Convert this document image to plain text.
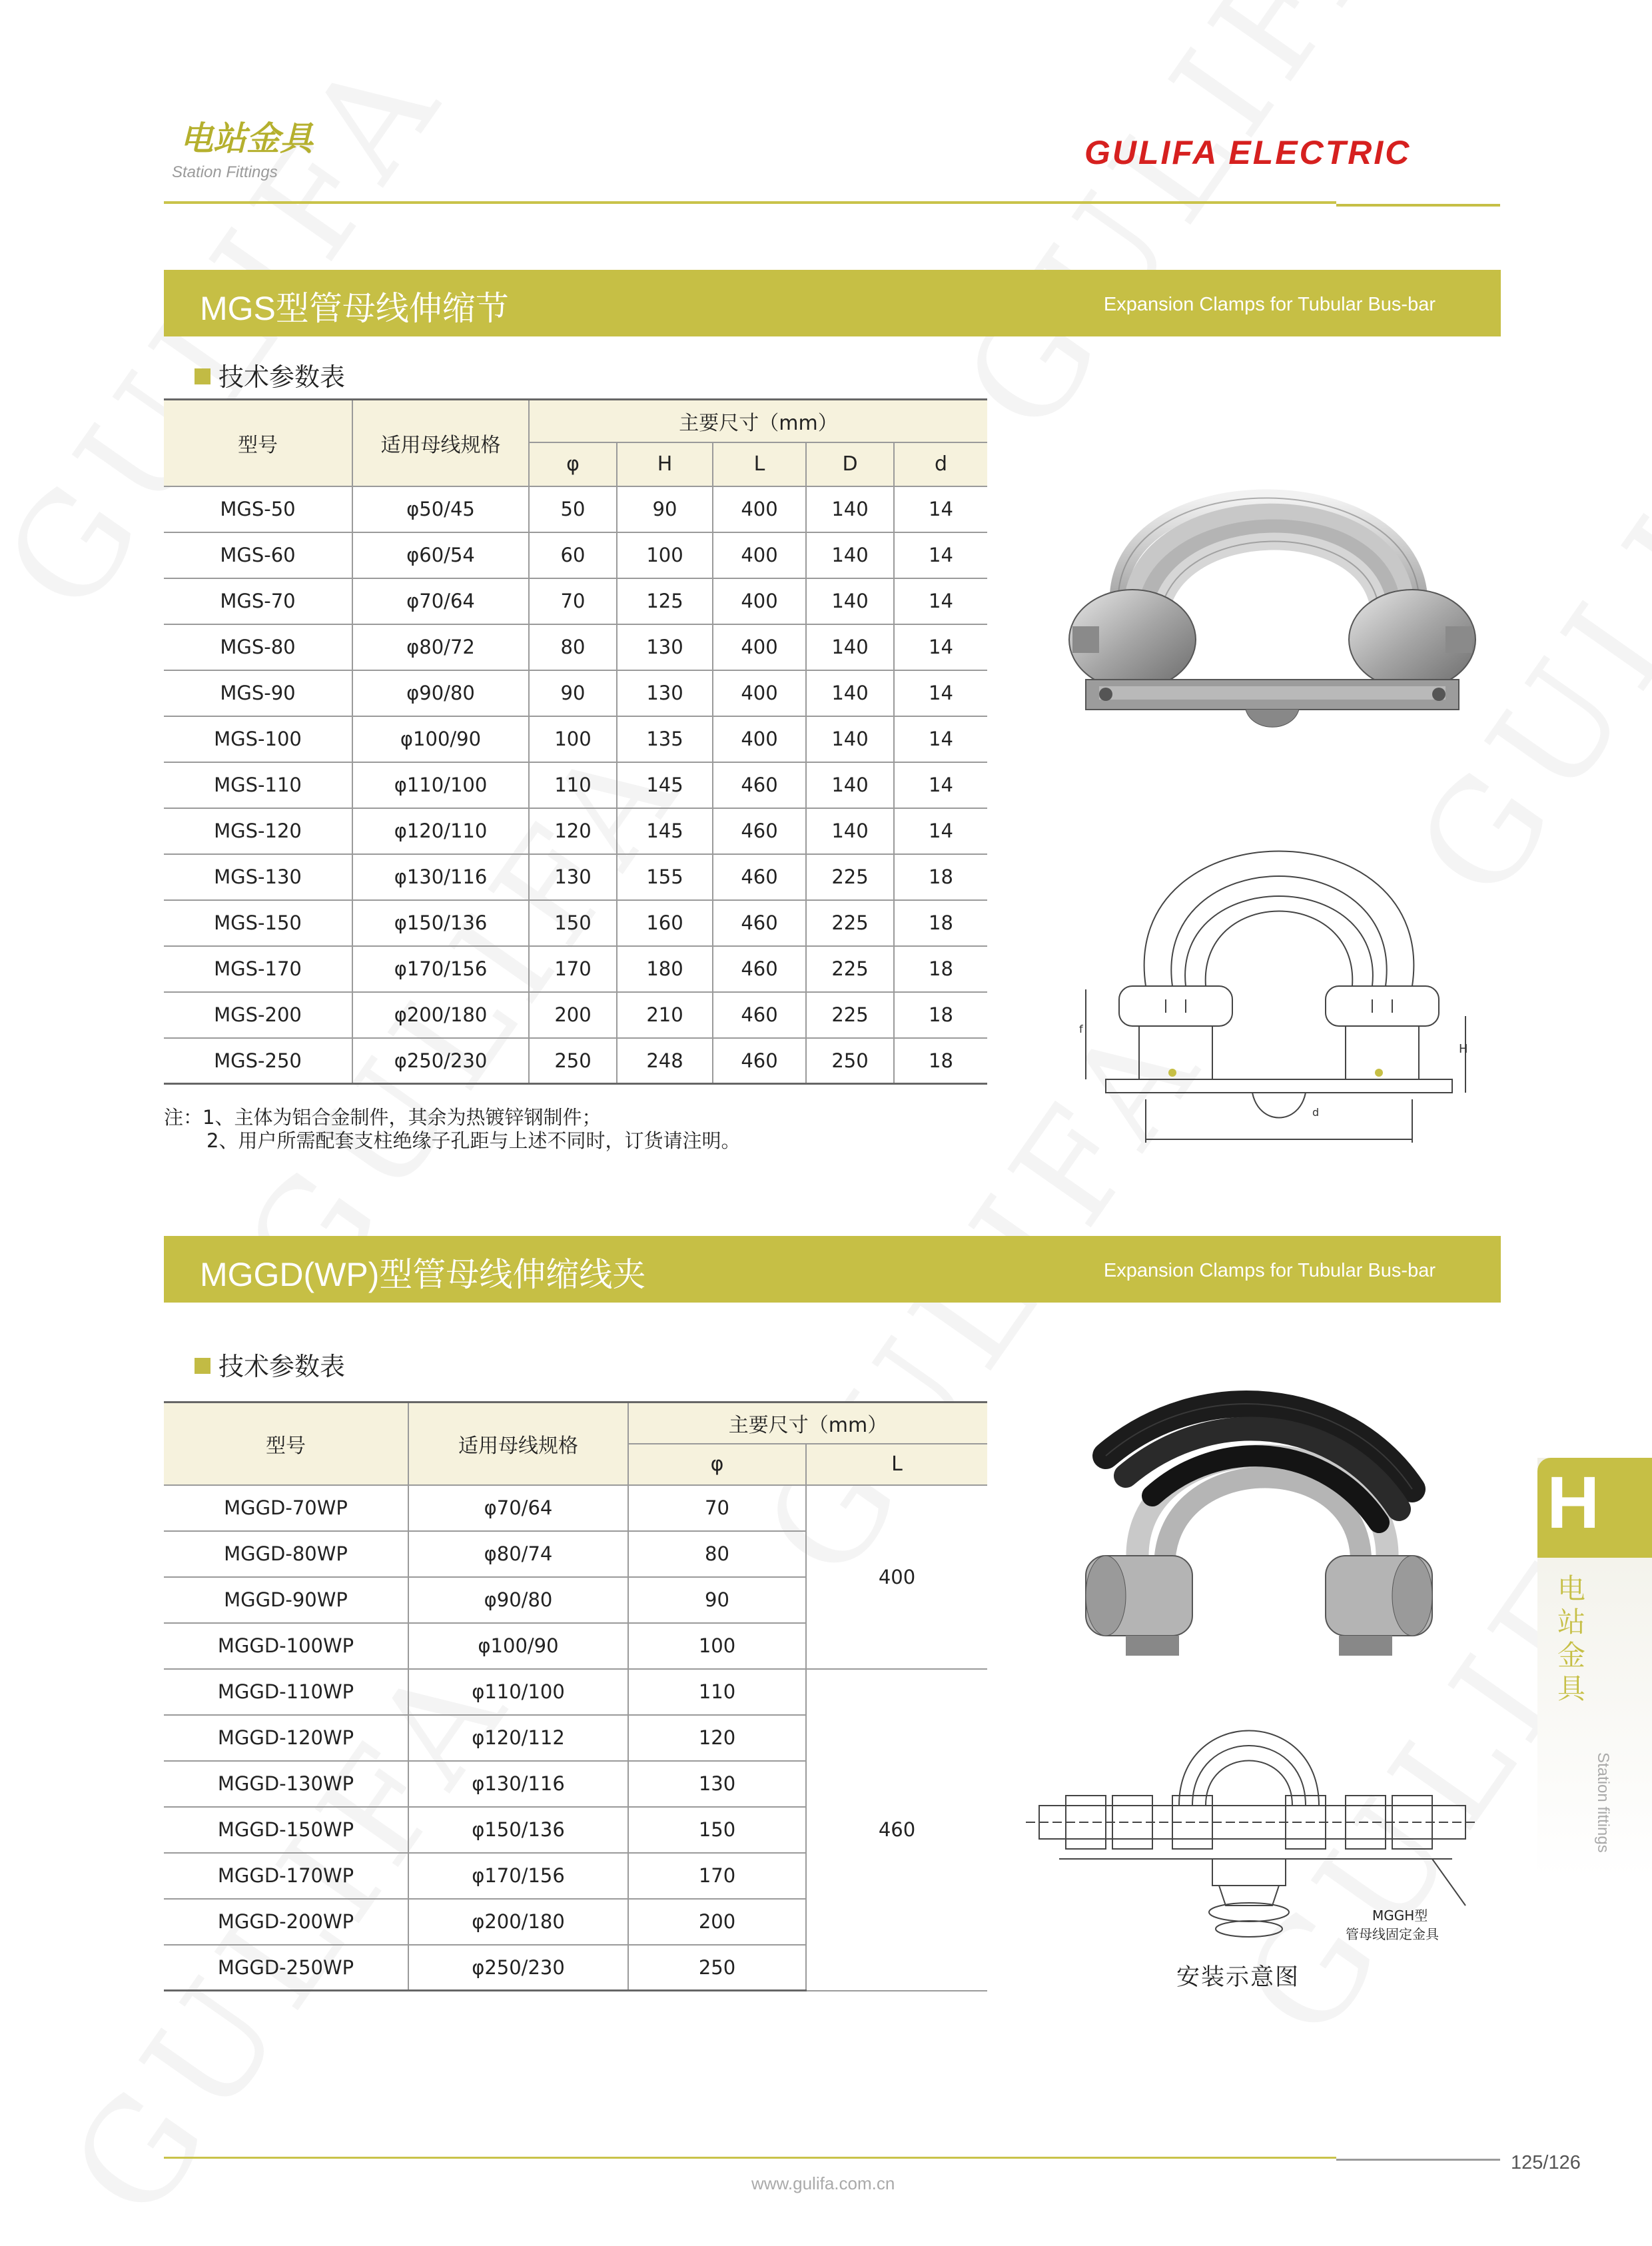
电站金具
Station Fittings
GULIFA ELECTRIC
MGS型管母线伸缩节	Expansion Clamps for Tubular Bus-bar
技术参数表
型号	适用母线规格	主要尺寸（mm）				
		φ	H	L	D	d
MGS-50	φ50/45	50	90	400	140	14
MGS-60	φ60/54	60	100	400	140	14
MGS-70	φ70/64	70	125	400	140	14
MGS-80	φ80/72	80	130	400	140	14
MGS-90	φ90/80	90	130	400	140	14
MGS-100	φ100/90	100	135	400	140	14
MGS-110	φ110/100	110	145	460	140	14
MGS-120	φ120/110	120	145	460	140	14
MGS-130	φ130/116	130	155	460	225	18
MGS-150	φ150/136	150	160	460	225	18
MGS-170	φ170/156	170	180	460	225	18
MGS-200	φ200/180	200	210	460	225	18
MGS-250	φ250/230	250	248	460	250	18
注：1、主体为铝合金制件，其余为热镀锌钢制件；
2、用户所需配套支柱绝缘子孔距与上述不同时，订货请注明。
H
d
f
MGGD(WP)型管母线伸缩线夹	Expansion Clamps for Tubular Bus-bar
技术参数表
型号	适用母线规格	主要尺寸（mm）	
		φ	L
MGGD-70WP	φ70/64	70	400
MGGD-80WP	φ80/74	80	
MGGD-90WP	φ90/80	90	
MGGD-100WP	φ100/90	100	
MGGD-110WP	φ110/100	110	460
MGGD-120WP	φ120/112	120	
MGGD-130WP	φ130/116	130	
MGGD-150WP	φ150/136	150	
MGGD-170WP	φ170/156	170	
MGGD-200WP	φ200/180	200	
MGGD-250WP	φ250/230	250	
MGGH型
管母线固定金具
安装示意图
H
电站金具
Station fittings
125/126
www.gulifa.com.cn
